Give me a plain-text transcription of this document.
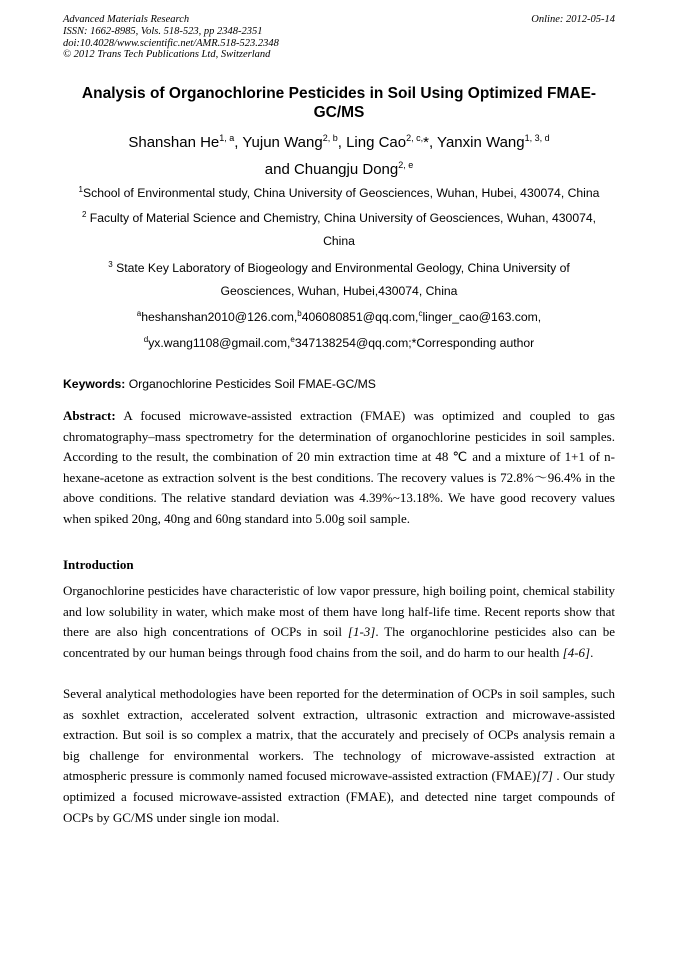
Advanced Materials Research
ISSN: 1662-8985, Vols. 518-523, pp 2348-2351
doi:10.4028/www.scientific.net/AMR.518-523.2348
© 2012 Trans Tech Publications Ltd, Switzerland
Online: 2012-05-14
Analysis of Organochlorine Pesticides in Soil Using Optimized FMAE-GC/MS
Shanshan He$^{1, a}$, Yujun Wang$^{2, b}$, Ling Cao$^{2, c,}$*, Yanxin Wang$^{1, 3, d}$
and Chuangju Dong$^{2, e}$
$^1$School of Environmental study, China University of Geosciences, Wuhan, Hubei, 430074, China
$^2$ Faculty of Material Science and Chemistry, China University of Geosciences, Wuhan, 430074, China
$^3$ State Key Laboratory of Biogeology and Environmental Geology, China University of Geosciences, Wuhan, Hubei,430074, China
$^a$heshanshan2010@126.com,$^b$406080851@qq.com,$^c$linger_cao@163.com,
$^d$yx.wang1108@gmail.com,$^e$347138254@qq.com;*Corresponding author
Keywords: Organochlorine Pesticides Soil FMAE-GC/MS
Abstract: A focused microwave-assisted extraction (FMAE) was optimized and coupled to gas chromatography–mass spectrometry for the determination of organochlorine pesticides in soil samples. According to the result, the combination of 20 min extraction time at 48 ℃ and a mixture of 1+1 of n-hexane-acetone as extraction solvent is the best conditions. The recovery values is 72.8%～96.4% in the above conditions. The relative standard deviation was 4.39%~13.18%. We have good recovery values when spiked 20ng, 40ng and 60ng standard into 5.00g soil sample.
Introduction
Organochlorine pesticides have characteristic of low vapor pressure, high boiling point, chemical stability and low solubility in water, which make most of them have long half-life time. Recent reports show that there are also high concentrations of OCPs in soil [1-3]. The organochlorine pesticides also can be concentrated by our human beings through food chains from the soil, and do harm to our health [4-6].
Several analytical methodologies have been reported for the determination of OCPs in soil samples, such as soxhlet extraction, accelerated solvent extraction, ultrasonic extraction and microwave-assisted extraction. But soil is so complex a matrix, that the accurately and precisely of OCPs analysis remain a big challenge for environmental workers. The technology of microwave-assisted extraction at atmospheric pressure is commonly named focused microwave-assisted extraction (FMAE)[7] . Our study optimized a focused microwave-assisted extraction (FMAE), and detected nine target compounds of OCPs by GC/MS under single ion modal.
